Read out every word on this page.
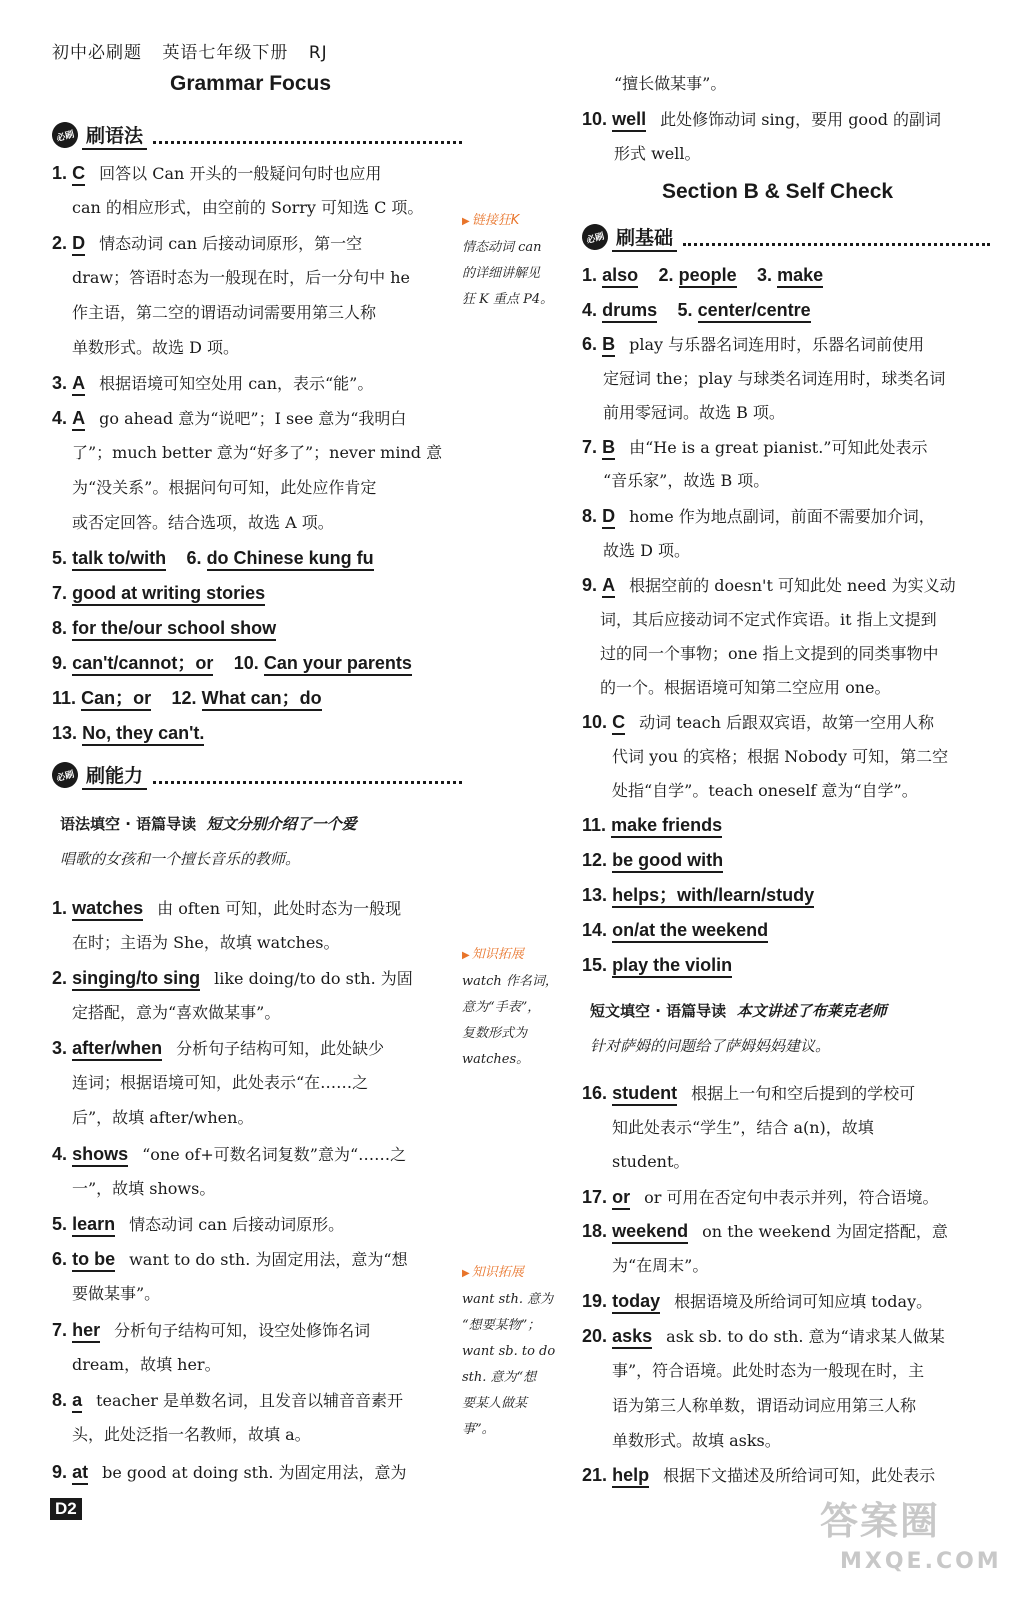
初中必刷题 英语七年级下册 RJ
Grammar Focus
必刷 刷语法
1. C 回答以 Can 开头的一般疑问句时也应用
can 的相应形式，由空前的 Sorry 可知选 C 项。
2. D 情态动词 can 后接动词原形，第一空
draw；答语时态为一般现在时，后一分句中 he
作主语，第二空的谓语动词需要用第三人称
单数形式。故选 D 项。
3. A 根据语境可知空处用 can，表示“能”。
4. A go ahead 意为“说吧”；I see 意为“我明白
了”；much better 意为“好多了”；never mind 意
为“没关系”。根据问句可知，此处应作肯定
或否定回答。结合选项，故选 A 项。
5. talk to/with 6. do Chinese kung fu
7. good at writing stories
8. for the/our school show
9. can't/cannot；or 10. Can your parents
11. Can；or 12. What can；do
13. No, they can't.
必刷 刷能力
语法填空 · 语篇导读 短文分别介绍了一个爱
唱歌的女孩和一个擅长音乐的教师。
1. watches 由 often 可知，此处时态为一般现
在时；主语为 She，故填 watches。
2. singing/to sing like doing/to do sth. 为固
定搭配，意为“喜欢做某事”。
3. after/when 分析句子结构可知，此处缺少
连词；根据语境可知，此处表示“在……之
后”，故填 after/when。
4. shows “one of+可数名词复数”意为“……之
一”，故填 shows。
5. learn 情态动词 can 后接动词原形。
6. to be want to do sth. 为固定用法，意为“想
要做某事”。
7. her 分析句子结构可知，设空处修饰名词
dream，故填 her。
8. a teacher 是单数名词，且发音以辅音音素开
头，此处泛指一名教师，故填 a。
9. at be good at doing sth. 为固定用法，意为
▶ 链接狂K
情态动词 can
的详细讲解见
狂 K 重点 P4。
▶ 知识拓展
watch 作名词，
意为“手表”，
复数形式为
watches。
▶ 知识拓展
want sth. 意为
“想要某物”；
want sb. to do
sth. 意为“想
要某人做某
事”。
“擅长做某事”。
10. well 此处修饰动词 sing，要用 good 的副词
形式 well。
Section B & Self Check
必刷 刷基础
1. also 2. people 3. make
4. drums 5. center/centre
6. B play 与乐器名词连用时，乐器名词前使用
定冠词 the；play 与球类名词连用时，球类名词
前用零冠词。故选 B 项。
7. B 由“He is a great pianist.”可知此处表示
“音乐家”，故选 B 项。
8. D home 作为地点副词，前面不需要加介词，
故选 D 项。
9. A 根据空前的 doesn't 可知此处 need 为实义动
词，其后应接动词不定式作宾语。it 指上文提到
过的同一个事物；one 指上文提到的同类事物中
的一个。根据语境可知第二空应用 one。
10. C 动词 teach 后跟双宾语，故第一空用人称
代词 you 的宾格；根据 Nobody 可知，第二空
处指“自学”。teach oneself 意为“自学”。
11. make friends
12. be good with
13. helps；with/learn/study
14. on/at the weekend
15. play the violin
短文填空 · 语篇导读 本文讲述了布莱克老师
针对萨姆的问题给了萨姆妈妈建议。
16. student 根据上一句和空后提到的学校可
知此处表示“学生”，结合 a(n)，故填
student。
17. or or 可用在否定句中表示并列，符合语境。
18. weekend on the weekend 为固定搭配，意
为“在周末”。
19. today 根据语境及所给词可知应填 today。
20. asks ask sb. to do sth. 意为“请求某人做某
事”，符合语境。此处时态为一般现在时，主
语为第三人称单数，谓语动词应用第三人称
单数形式。故填 asks。
21. help 根据下文描述及所给词可知，此处表示
D2	答案圈
MXQE.COM
